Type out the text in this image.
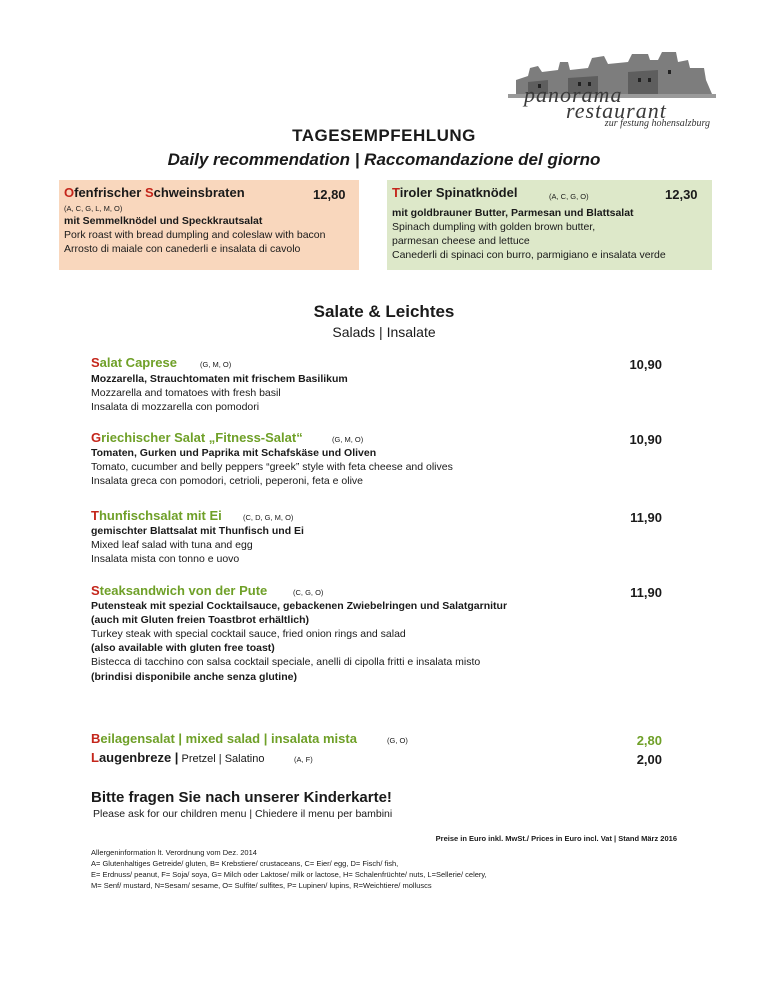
panorama
restaurant
zur festung hohensalzburg
TAGESEMPFEHLUNG
Daily recommendation | Raccomandazione del giorno
Ofenfrischer Schweinsbraten	12,80
(A, C, G, L, M, O)
mit Semmelknödel und Speckkrautsalat
Pork roast with bread dumpling and coleslaw with bacon
Arrosto di maiale con canederli e insalata di cavolo
Tiroler Spinatknödel	(A, C, G, O)	12,30
mit goldbrauner Butter, Parmesan und Blattsalat
Spinach dumpling with golden brown butter,
parmesan cheese and lettuce
Canederli di spinaci con burro, parmigiano e insalata verde
Salate & Leichtes
Salads | Insalate
Salat Caprese	(G, M, O)	10,90
Mozzarella, Strauchtomaten mit frischem Basilikum
Mozzarella and tomatoes with fresh basil
Insalata di mozzarella con pomodori
Griechischer Salat „Fitness-Salat“	(G, M, O)	10,90
Tomaten, Gurken und Paprika mit Schafskäse und Oliven
Tomato, cucumber and belly peppers “greek” style with feta cheese and olives
Insalata greca con pomodori, cetrioli, peperoni, feta e olive
Thunfischsalat mit Ei	(C, D, G, M, O)	11,90
gemischter Blattsalat mit Thunfisch und Ei
Mixed leaf salad with tuna and egg
Insalata mista con tonno e uovo
Steaksandwich von der Pute	(C, G, O)	11,90
Putensteak mit spezial Cocktailsauce, gebackenen Zwiebelringen und Salatgarnitur
(auch mit Gluten freien Toastbrot erhältlich)
Turkey steak with special cocktail sauce, fried onion rings and salad
(also available with gluten free toast)
Bistecca di tacchino con salsa cocktail speciale, anelli di cipolla fritti e insalata misto
(brindisi disponibile anche senza glutine)
Beilagensalat | mixed salad | insalata mista	(G, O)	2,80
Laugenbreze | Pretzel | Salatino	(A, F)	2,00
Bitte fragen Sie nach unserer Kinderkarte!
Please ask for our children menu | Chiedere il menu per bambini
Preise in Euro inkl. MwSt./ Prices in Euro incl. Vat | Stand März 2016
Allergeninformation lt. Verordnung vom Dez. 2014
A= Glutenhaltiges Getreide/ gluten, B= Krebstiere/ crustaceans, C= Eier/ egg, D= Fisch/ fish,
E= Erdnuss/ peanut, F= Soja/ soya, G= Milch oder Laktose/ milk or lactose, H= Schalenfrüchte/ nuts, L=Sellerie/ celery,
M= Senf/ mustard, N=Sesam/ sesame, O= Sulfite/ sulfites, P= Lupinen/ lupins, R=Weichtiere/ molluscs
